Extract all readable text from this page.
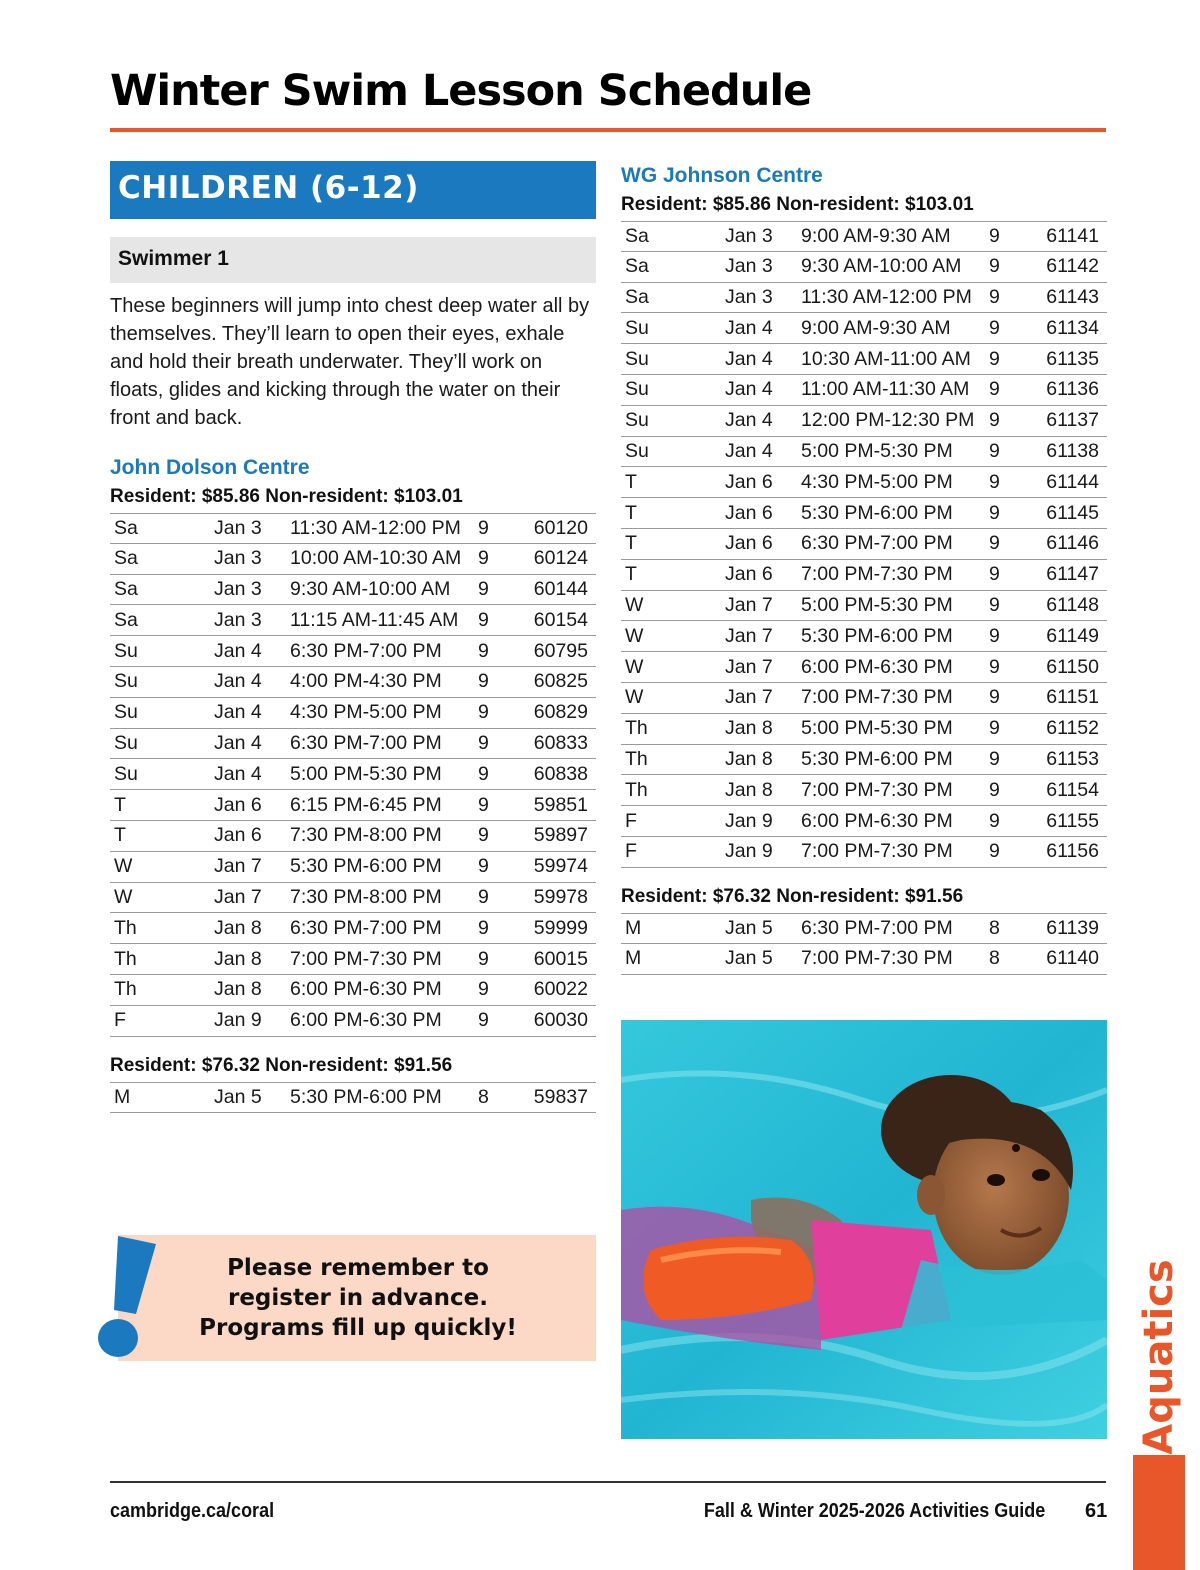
Winter Swim Lesson Schedule
CHILDREN (6-12)
Swimmer 1
These beginners will jump into chest deep water all by themselves. They’ll learn to open their eyes, exhale and hold their breath underwater. They’ll work on floats, glides and kicking through the water on their front and back.
John Dolson Centre
Resident: $85.86 Non-resident: $103.01
Sa	Jan 3	11:30 AM-12:00 PM 9	60120
Sa	Jan 3	10:00 AM-10:30 AM 9	60124
Sa	Jan 3	9:30 AM-10:00 AM	9	60144
Sa	Jan 3	11:15 AM-11:45 AM	9	60154
Su	Jan 4	6:30 PM-7:00 PM	9	60795
Su	Jan 4	4:00 PM-4:30 PM	9	60825
Su	Jan 4	4:30 PM-5:00 PM	9	60829
Su	Jan 4	6:30 PM-7:00 PM	9	60833
Su	Jan 4	5:00 PM-5:30 PM	9	60838
T	Jan 6	6:15 PM-6:45 PM	9	59851
T	Jan 6	7:30 PM-8:00 PM	9	59897
W	Jan 7	5:30 PM-6:00 PM	9	59974
W	Jan 7	7:30 PM-8:00 PM	9	59978
Th	Jan 8	6:30 PM-7:00 PM	9	59999
Th	Jan 8	7:00 PM-7:30 PM	9	60015
Th	Jan 8	6:00 PM-6:30 PM	9	60022
F	Jan 9	6:00 PM-6:30 PM	9	60030
Resident: $76.32 Non-resident: $91.56
M	Jan 5	5:30 PM-6:00 PM	8	59837
WG Johnson Centre
Resident: $85.86 Non-resident: $103.01
Sa	Jan 3	9:00 AM-9:30 AM	9	61141
Sa	Jan 3	9:30 AM-10:00 AM	9	61142
Sa	Jan 3	11:30 AM-12:00 PM 9	61143
Su	Jan 4	9:00 AM-9:30 AM	9	61134
Su	Jan 4	10:30 AM-11:00 AM 9	61135
Su	Jan 4	11:00 AM-11:30 AM	9	61136
Su	Jan 4	12:00 PM-12:30 PM 9	61137
Su	Jan 4	5:00 PM-5:30 PM	9	61138
T	Jan 6	4:30 PM-5:00 PM	9	61144
T	Jan 6	5:30 PM-6:00 PM	9	61145
T	Jan 6	6:30 PM-7:00 PM	9	61146
T	Jan 6	7:00 PM-7:30 PM	9	61147
W	Jan 7	5:00 PM-5:30 PM	9	61148
W	Jan 7	5:30 PM-6:00 PM	9	61149
W	Jan 7	6:00 PM-6:30 PM	9	61150
W	Jan 7	7:00 PM-7:30 PM	9	61151
Th	Jan 8	5:00 PM-5:30 PM	9	61152
Th	Jan 8	5:30 PM-6:00 PM	9	61153
Th	Jan 8	7:00 PM-7:30 PM	9	61154
F	Jan 9	6:00 PM-6:30 PM	9	61155
F	Jan 9	7:00 PM-7:30 PM	9	61156
Resident: $76.32 Non-resident: $91.56
M	Jan 5	6:30 PM-7:00 PM	8	61139
M	Jan 5	7:00 PM-7:30 PM	8	61140
Please remember to
register in advance.
Programs fill up quickly!	Aquatics
cambridge.ca/coral	Fall & Winter 2025-2026 Activities Guide 61
